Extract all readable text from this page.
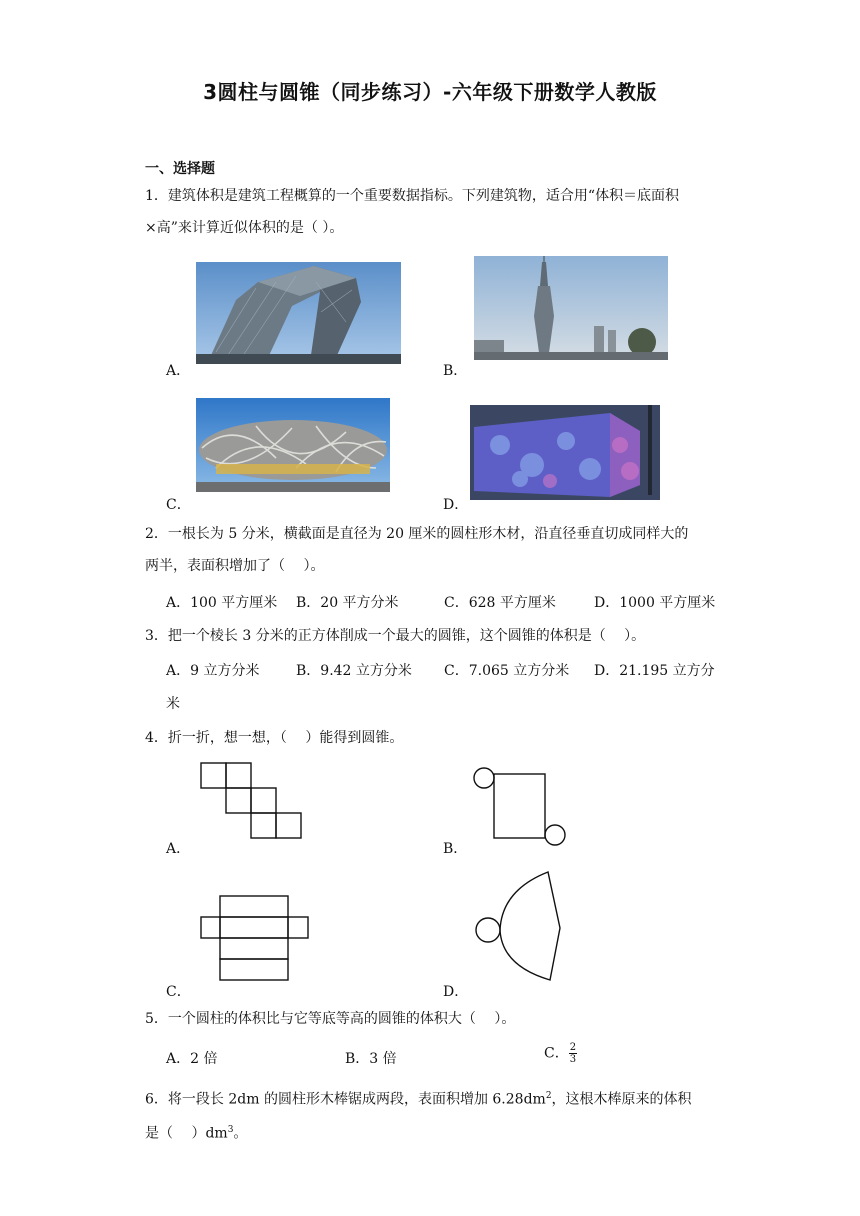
3圆柱与圆锥（同步练习）-六年级下册数学人教版
一、选择题
1．建筑体积是建筑工程概算的一个重要数据指标。下列建筑物，适合用“体积＝底面积
×高”来计算近似体积的是（ ）。
A．	B．
C．	D．
2．一根长为 5 分米，横截面是直径为 20 厘米的圆柱形木材，沿直径垂直切成同样大的
两半，表面积增加了（　 ）。
A．100 平方厘米 B．20 平方分米	C．628 平方厘米	D．1000 平方厘米
3．把一个棱长 3 分米的正方体削成一个最大的圆锥，这个圆锥的体积是（　 ）。
A．9 立方分米	B．9.42 立方分米 C．7.065 立方分米 D．21.195 立方分
米
4．折一折，想一想，（　 ）能得到圆锥。
A．	B．
C．	D．
5．一个圆柱的体积比与它等底等高的圆锥的体积大（　 ）。
A．2 倍	B．3 倍	C． $\frac{2}{3}$
6．将一段长 2dm 的圆柱形木棒锯成两段，表面积增加 $6.28dm^2$，这根木棒原来的体积
是（　 ）$dm^3$。
